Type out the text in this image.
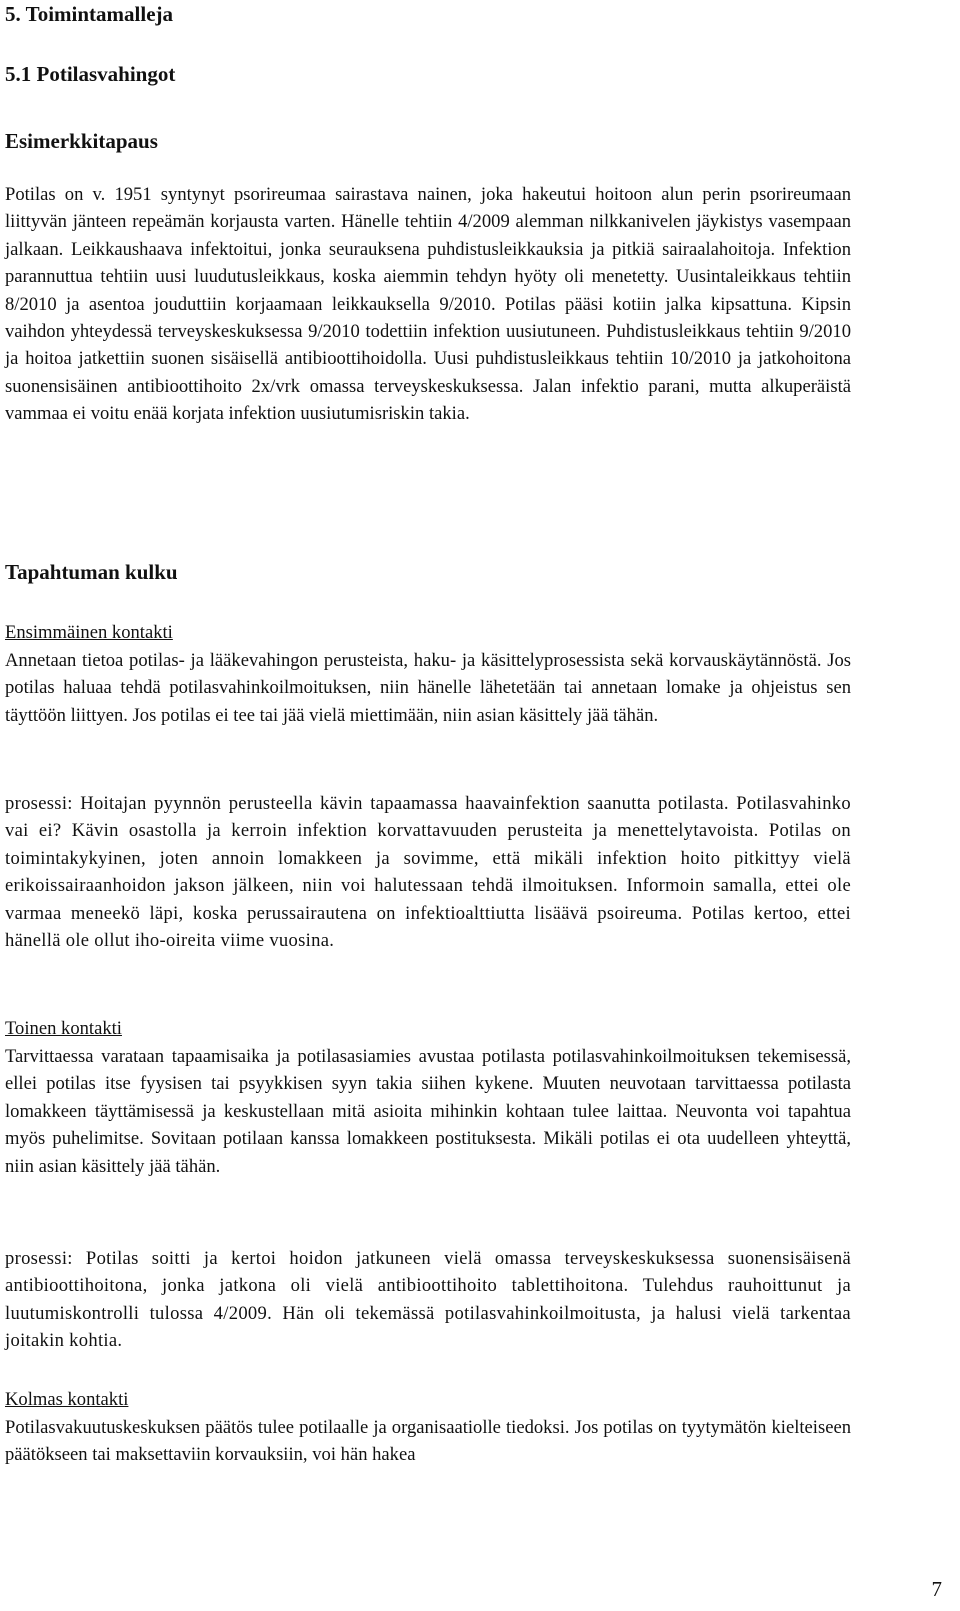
5. Toimintamalleja
5.1 Potilasvahingot
Esimerkkitapaus

Potilas on v. 1951 syntynyt psorireumaa sairastava nainen, joka hakeutui hoitoon alun perin psorireumaan liittyvän jänteen repeämän korjausta varten. Hänelle tehtiin 4/2009 alemman nilkkanivelen jäykistys vasempaan jalkaan. Leikkaushaava infektoitui, jonka seurauksena puhdistusleikkauksia ja pitkiä sairaalahoitoja. Infektion parannuttua tehtiin uusi luudutusleikkaus, koska aiemmin tehdyn hyöty oli menetetty. Uusintaleikkaus tehtiin 8/2010 ja asentoa jouduttiin korjaamaan leikkauksella 9/2010. Potilas pääsi kotiin jalka kipsattuna. Kipsin vaihdon yhteydessä terveyskeskuksessa 9/2010 todettiin infektion uusiutuneen. Puhdistusleikkaus tehtiin 9/2010 ja hoitoa jatkettiin suonen sisäisellä antibioottihoidolla. Uusi puhdistusleikkaus tehtiin 10/2010 ja jatkohoitona suonensisäinen antibioottihoito 2x/vrk omassa terveyskeskuksessa. Jalan infektio parani, mutta alkuperäistä vammaa ei voitu enää korjata infektion uusiutumisriskin takia.

Tapahtuman kulku
Ensimmäinen kontakti

Annetaan tietoa potilas- ja lääkevahingon perusteista, haku- ja käsittelyprosessista sekä korvauskäytännöstä. Jos potilas haluaa tehdä potilasvahinkoilmoituksen, niin hänelle lähetetään tai annetaan lomake ja ohjeistus sen täyttöön liittyen. Jos potilas ei tee tai jää vielä miettimään, niin asian käsittely jää tähän.

prosessi: Hoitajan pyynnön perusteella kävin tapaamassa haavainfektion saanutta potilasta. Potilasvahinko vai ei? Kävin osastolla ja kerroin infektion korvattavuuden perusteita ja menettelytavoista. Potilas on toimintakykyinen, joten annoin lomakkeen ja sovimme, että mikäli infektion hoito pitkittyy vielä erikoissairaanhoidon jakson jälkeen, niin voi halutessaan tehdä ilmoituksen. Informoin samalla, ettei ole varmaa meneekö läpi, koska perussairautena on infektioalttiutta lisäävä psoireuma. Potilas kertoo, ettei hänellä ole ollut iho-oireita viime vuosina.

Toinen kontakti

Tarvittaessa varataan tapaamisaika ja potilasasiamies avustaa potilasta potilasvahinkoilmoituksen tekemisessä, ellei potilas itse fyysisen tai psyykkisen syyn takia siihen kykene. Muuten neuvotaan tarvittaessa potilasta lomakkeen täyttämisessä ja keskustellaan mitä asioita mihinkin kohtaan tulee laittaa. Neuvonta voi tapahtua myös puhelimitse. Sovitaan potilaan kanssa lomakkeen postituksesta. Mikäli potilas ei ota uudelleen yhteyttä, niin asian käsittely jää tähän.

prosessi: Potilas soitti ja kertoi hoidon jatkuneen vielä omassa terveyskeskuksessa suonensisäisenä antibioottihoitona, jonka jatkona oli vielä antibioottihoito tablettihoitona. Tulehdus rauhoittunut ja luutumiskontrolli tulossa 4/2009. Hän oli tekemässä potilasvahinkoilmoitusta, ja halusi vielä tarkentaa joitakin kohtia.

Kolmas kontakti

Potilasvakuutuskeskuksen päätös tulee potilaalle ja organisaatiolle tiedoksi. Jos potilas on tyytymätön kielteiseen päätökseen tai maksettaviin korvauksiin, voi hän hakea

7
